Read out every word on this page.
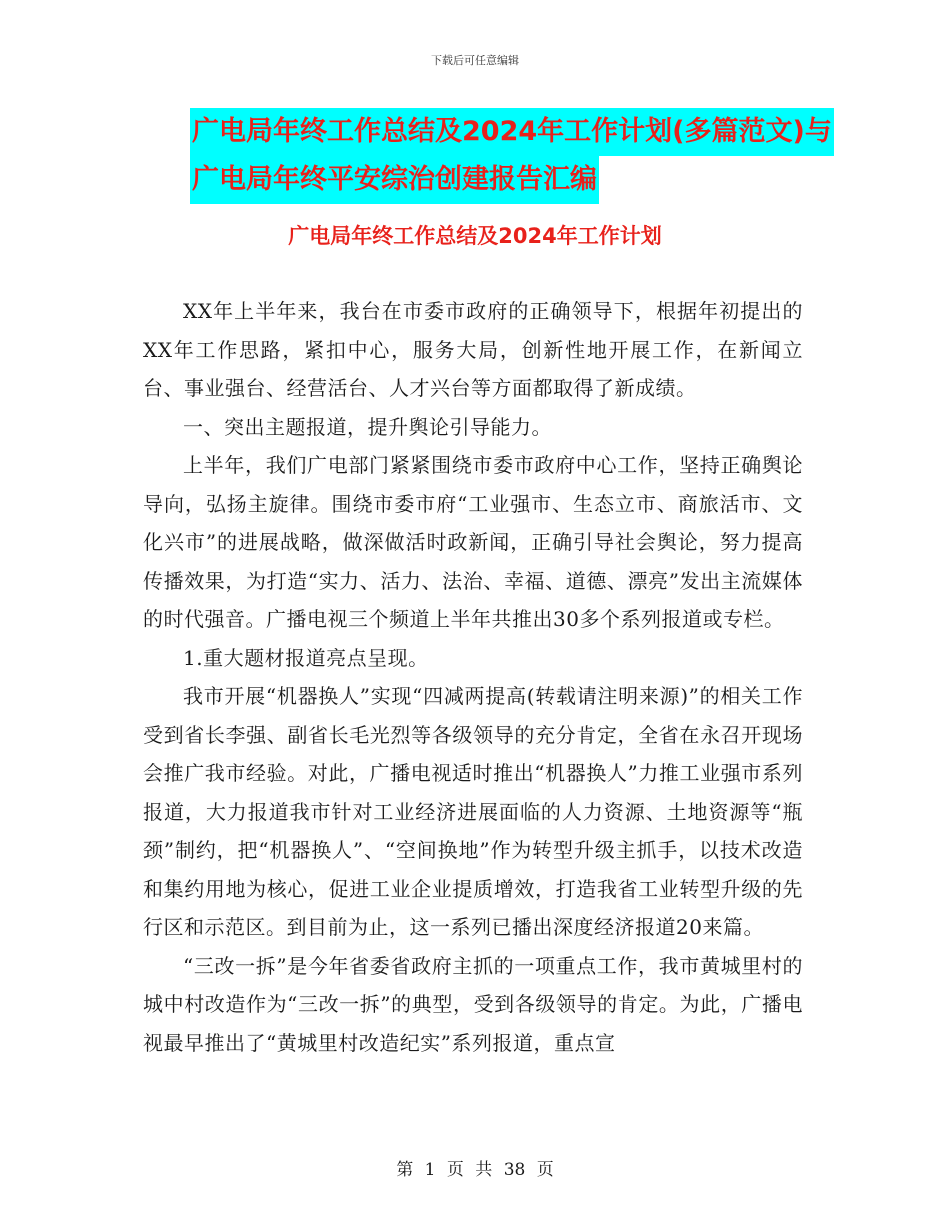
下载后可任意编辑
广电局年终工作总结及2024年工作计划(多篇范文)与
广电局年终平安综治创建报告汇编
广电局年终工作总结及2024年工作计划

XX年上半年来，我台在市委市政府的正确领导下，根据年初提出的XX年工作思路，紧扣中心，服务大局，创新性地开展工作，在新闻立台、事业强台、经营活台、人才兴台等方面都取得了新成绩。

一、突出主题报道，提升舆论引导能力。

上半年，我们广电部门紧紧围绕市委市政府中心工作，坚持正确舆论导向，弘扬主旋律。围绕市委市府“工业强市、生态立市、商旅活市、文化兴市”的进展战略，做深做活时政新闻，正确引导社会舆论，努力提高传播效果，为打造“实力、活力、法治、幸福、道德、漂亮”发出主流媒体的时代强音。广播电视三个频道上半年共推出30多个系列报道或专栏。

1.重大题材报道亮点呈现。

我市开展“机器换人”实现“四减两提高(转载请注明来源)”的相关工作受到省长李强、副省长毛光烈等各级领导的充分肯定，全省在永召开现场会推广我市经验。对此，广播电视适时推出“机器换人”力推工业强市系列报道，大力报道我市针对工业经济进展面临的人力资源、土地资源等“瓶颈”制约，把“机器换人”、“空间换地”作为转型升级主抓手，以技术改造和集约用地为核心，促进工业企业提质增效，打造我省工业转型升级的先行区和示范区。到目前为止，这一系列已播出深度经济报道20来篇。

“三改一拆”是今年省委省政府主抓的一项重点工作，我市黄城里村的城中村改造作为“三改一拆”的典型，受到各级领导的肯定。为此，广播电视最早推出了“黄城里村改造纪实”系列报道，重点宣

第 1 页 共 38 页
